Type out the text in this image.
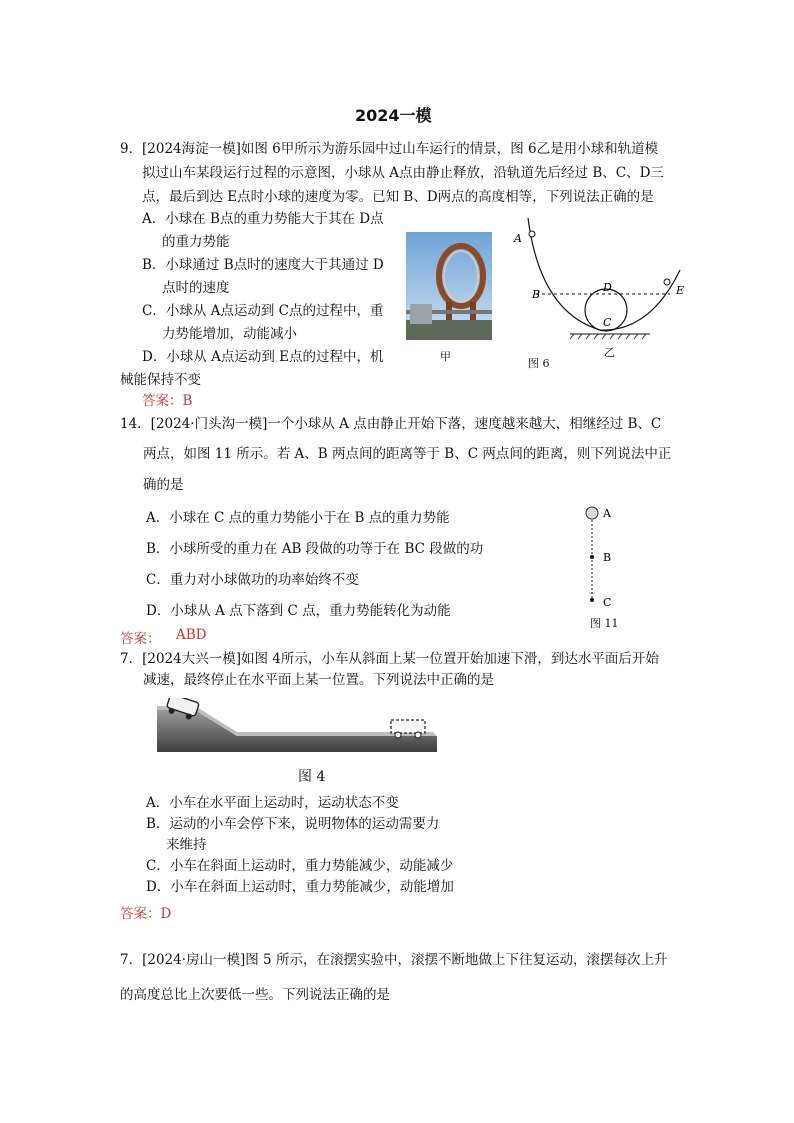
2024一模
9． [2024海淀一模]如图 6甲所示为游乐园中过山车运行的情景，图 6乙是用小球和轨道模
拟过山车某段运行过程的示意图，小球从 A点由静止释放，沿轨道先后经过 B、C、D三
点，最后到达 E点时小球的速度为零。已知 B、D两点的高度相等，下列说法正确的是
A．小球在 B点的重力势能大于其在 D点
的重力势能
B．小球通过 B点时的速度大于其通过 D
点时的速度
C．小球从 A点运动到 C点的过程中，重
力势能增加，动能减小
D．小球从 A点运动到 E点的过程中，机
械能保持不变
答案：B
甲
A
B
C
D	E
图 6
乙
14．[2024·门头沟一模]一个小球从 A 点由静止开始下落，速度越来越大，相继经过 B、C
两点，如图 11 所示。若 A、B 两点间的距离等于 B、C 两点间的距离，则下列说法中正
确的是
A．小球在 C 点的重力势能小于在 B 点的重力势能
B．小球所受的重力在 AB 段做的功等于在 BC 段做的功
C．重力对小球做功的功率始终不变
D．小球从 A 点下落到 C 点，重力势能转化为动能
答案： ABD
A
B
C
图 11
7．[2024大兴一模]如图 4所示，小车从斜面上某一位置开始加速下滑，到达水平面后开始
减速，最终停止在水平面上某一位置。下列说法中正确的是
图 4
A．小车在水平面上运动时，运动状态不变
B．运动的小车会停下来，说明物体的运动需要力
来维持
C．小车在斜面上运动时，重力势能减少，动能减少
D．小车在斜面上运动时，重力势能减少，动能增加
答案：D
7．[2024·房山一模]图 5 所示，在滚摆实验中，滚摆不断地做上下往复运动，滚摆每次上升
的高度总比上次要低一些。下列说法正确的是
